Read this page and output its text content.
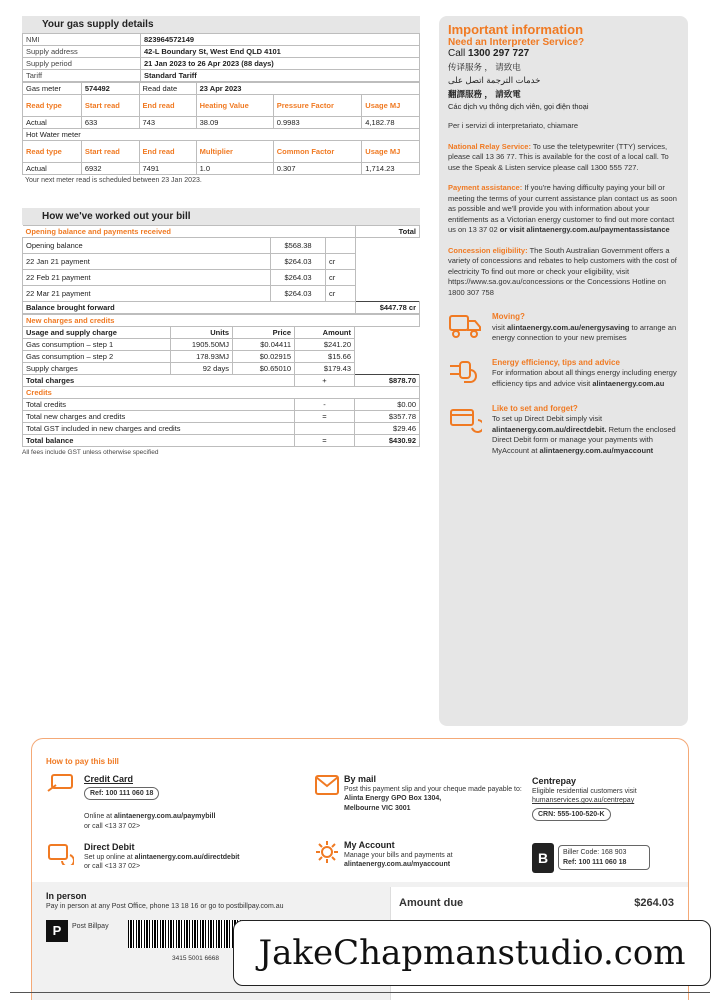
Your gas supply details
NMI	823964572149
Supply address	42-L Boundary St, West End QLD 4101
Supply period	21 Jan 2023 to 26 Apr 2023 (88 days)
Tariff	Standard Tariff
Gas meter	574492	Read date	23 Apr 2023		
Read type	Start read	End read	Heating Value	Pressure Factor	Usage MJ
Actual	633	743	38.09	0.9983	4,182.78
Hot Water meter					
Read type	Start read	End read	Multiplier	Common Factor	Usage MJ
Actual	6932	7491	1.0	0.307	1,714.23
Your next meter read is scheduled between 23 Jan 2023.
How we've worked out your bill
Opening balance and payments received			Total
Opening balance	$568.38		
22 Jan 21 payment	$264.03	cr	
22 Feb 21 payment	$264.03	cr	
22 Mar 21 payment	$264.03	cr	
Balance brought forward			$447.78 cr
New charges and credits				
Usage and supply charge	Units	Price	Amount	
Gas consumption – step 1	1905.50MJ	$0.04411	$241.20	
Gas consumption – step 2	178.93MJ	$0.02915	$15.66	
Supply charges	92 days	$0.65010	$179.43	
Total charges			+	$878.70
Credits				
Total credits			-	$0.00
Total new charges and credits			=	$357.78
Total GST included in new charges and credits				$29.46
Total balance			=	$430.92
All fees include GST unless otherwise specified
Important information
Need an Interpreter Service?
Call 1300 297 727
传译服务 ， 请致电
خدمات الترجمة اتصل على
翻譯服務 ， 請致電
Các dịch vụ thông dịch viên, gọi điện thoại
Per i servizi di interpretariato, chiamare
National Relay Service: To use the teletypewriter (TTY) services, please call 13 36 77. This is available for the cost of a local call. To use the Speak & Listen service please call 1300 555 727.
Payment assistance: If you're having difficulty paying your bill or meeting the terms of your current assistance plan contact us as soon as possible and we'll provide you with information about your entitlements as a Victorian energy customer to find out more contact us on 13 37 02 or visit alintaenergy.com.au/paymentassistance
Concession eligibility: The South Australian Government offers a variety of concessions and rebates to help customers with the cost of electricity To find out more or check your eligibility, visit https://www.sa.gov.au/concessions or the Concessions Hotline on 1800 307 758
Moving?
visit alintaenergy.com.au/energysaving to arrange an energy connection to your new premises
Energy efficiency, tips and advice
For information about all things energy including energy efficiency tips and advice visit alintaenergy.com.au
Like to set and forget?
To set up Direct Debit simply visit alintaenergy.com.au/directdebit. Return the enclosed Direct Debit form or manage your payments with MyAccount at alintaenergy.com.au/myaccount
How to pay this bill
Credit Card
Ref: 100 111 060 18
Online at alintaenergy.com.au/paymybill
or call <13 37 02>
Direct Debit
Set up online at alintaenergy.com.au/directdebit
or call <13 37 02>
By mail
Post this payment slip and your cheque made payable to:
Alinta Energy GPO Box 1304,
Melbourne VIC 3001
My Account
Manage your bills and payments at
alintaenergy.com.au/myaccount
Centrepay
Eligible residential customers visit
humanservices.gov.au/centrepay
CRN: 555-100-520-K
B	Biller Code: 168 903
Ref: 100 111 060 18
In person
Pay in person at any Post Office, phone 13 18 16 or go to postbillpay.com.au
P	Post Billpay
3415 5001 6668
Amount due	$264.03
JakeChapmanstudio.com
